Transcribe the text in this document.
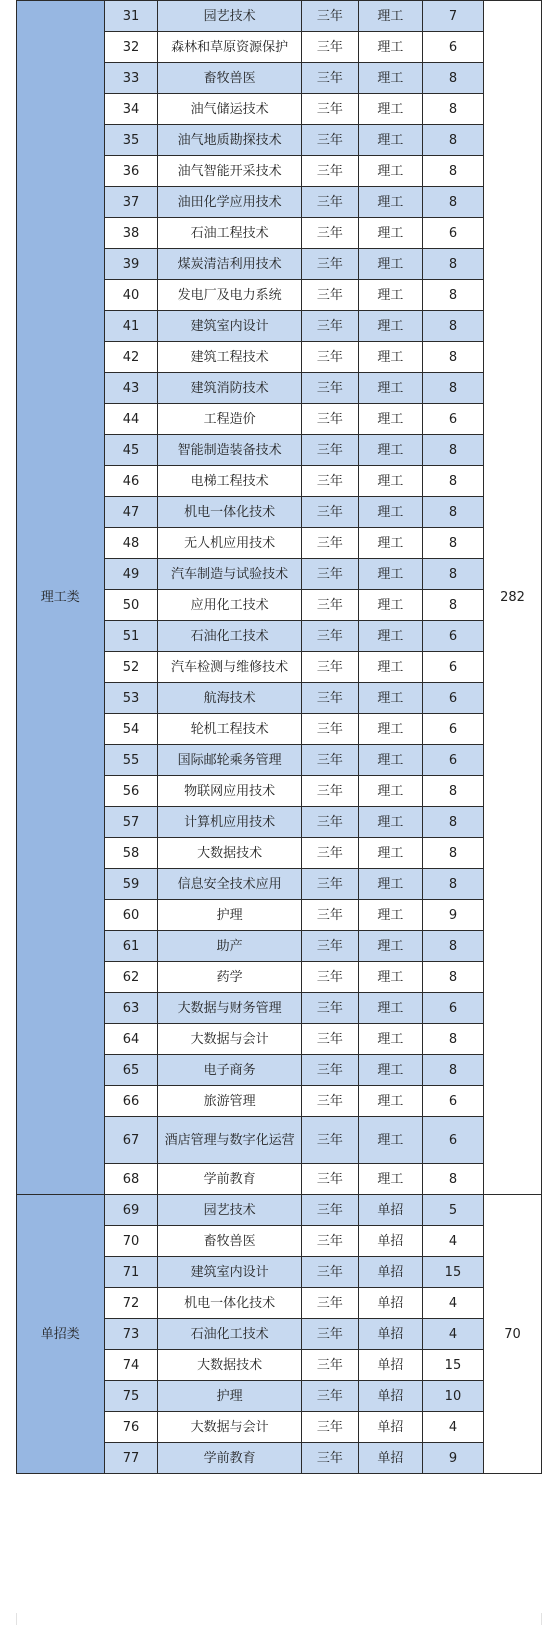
理工类	31	园艺技术	三年	理工	7	282
	32	森林和草原资源保护	三年	理工	6	
	33	畜牧兽医	三年	理工	8	
	34	油气储运技术	三年	理工	8	
	35	油气地质勘探技术	三年	理工	8	
	36	油气智能开采技术	三年	理工	8	
	37	油田化学应用技术	三年	理工	8	
	38	石油工程技术	三年	理工	6	
	39	煤炭清洁利用技术	三年	理工	8	
	40	发电厂及电力系统	三年	理工	8	
	41	建筑室内设计	三年	理工	8	
	42	建筑工程技术	三年	理工	8	
	43	建筑消防技术	三年	理工	8	
	44	工程造价	三年	理工	6	
	45	智能制造装备技术	三年	理工	8	
	46	电梯工程技术	三年	理工	8	
	47	机电一体化技术	三年	理工	8	
	48	无人机应用技术	三年	理工	8	
	49	汽车制造与试验技术	三年	理工	8	
	50	应用化工技术	三年	理工	8	
	51	石油化工技术	三年	理工	6	
	52	汽车检测与维修技术	三年	理工	6	
	53	航海技术	三年	理工	6	
	54	轮机工程技术	三年	理工	6	
	55	国际邮轮乘务管理	三年	理工	6	
	56	物联网应用技术	三年	理工	8	
	57	计算机应用技术	三年	理工	8	
	58	大数据技术	三年	理工	8	
	59	信息安全技术应用	三年	理工	8	
	60	护理	三年	理工	9	
	61	助产	三年	理工	8	
	62	药学	三年	理工	8	
	63	大数据与财务管理	三年	理工	6	
	64	大数据与会计	三年	理工	8	
	65	电子商务	三年	理工	8	
	66	旅游管理	三年	理工	6	
	67	酒店管理与数字化运营	三年	理工	6	
	68	学前教育	三年	理工	8	
单招类	69	园艺技术	三年	单招	5	70
	70	畜牧兽医	三年	单招	4	
	71	建筑室内设计	三年	单招	15	
	72	机电一体化技术	三年	单招	4	
	73	石油化工技术	三年	单招	4	
	74	大数据技术	三年	单招	15	
	75	护理	三年	单招	10	
	76	大数据与会计	三年	单招	4	
	77	学前教育	三年	单招	9	
